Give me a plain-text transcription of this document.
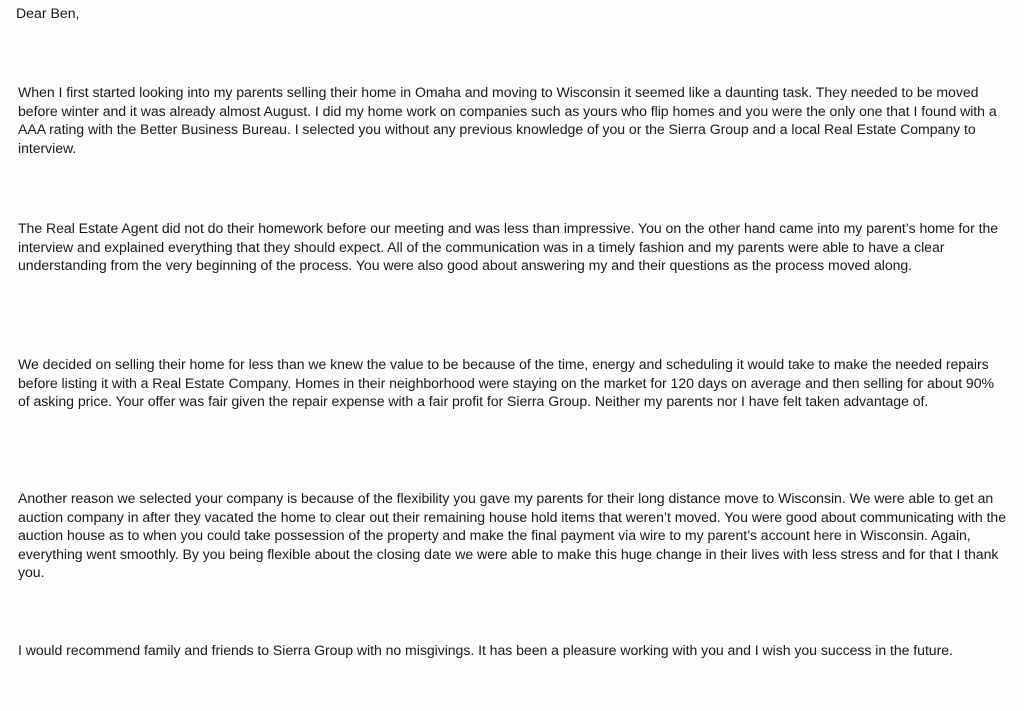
Dear Ben,

When I first started looking into my parents selling their home in Omaha and moving to Wisconsin it seemed like a daunting task. They needed to be moved before winter and it was already almost August. I did my home work on companies such as yours who flip homes and you were the only one that I found with a AAA rating with the Better Business Bureau. I selected you without any previous knowledge of you or the Sierra Group and a local Real Estate Company to interview.

The Real Estate Agent did not do their homework before our meeting and was less than impressive. You on the other hand came into my parent’s home for the interview and explained everything that they should expect. All of the communication was in a timely fashion and my parents were able to have a clear understanding from the very beginning of the process. You were also good about answering my and their questions as the process moved along.

We decided on selling their home for less than we knew the value to be because of the time, energy and scheduling it would take to make the needed repairs before listing it with a Real Estate Company. Homes in their neighborhood were staying on the market for 120 days on average and then selling for about 90% of asking price. Your offer was fair given the repair expense with a fair profit for Sierra Group. Neither my parents nor I have felt taken advantage of.

Another reason we selected your company is because of the flexibility you gave my parents for their long distance move to Wisconsin. We were able to get an auction company in after they vacated the home to clear out their remaining house hold items that weren’t moved. You were good about communicating with the auction house as to when you could take possession of the property and make the final payment via wire to my parent’s account here in Wisconsin. Again, everything went smoothly. By you being flexible about the closing date we were able to make this huge change in their lives with less stress and for that I thank you.

I would recommend family and friends to Sierra Group with no misgivings. It has been a pleasure working with you and I wish you success in the future.
